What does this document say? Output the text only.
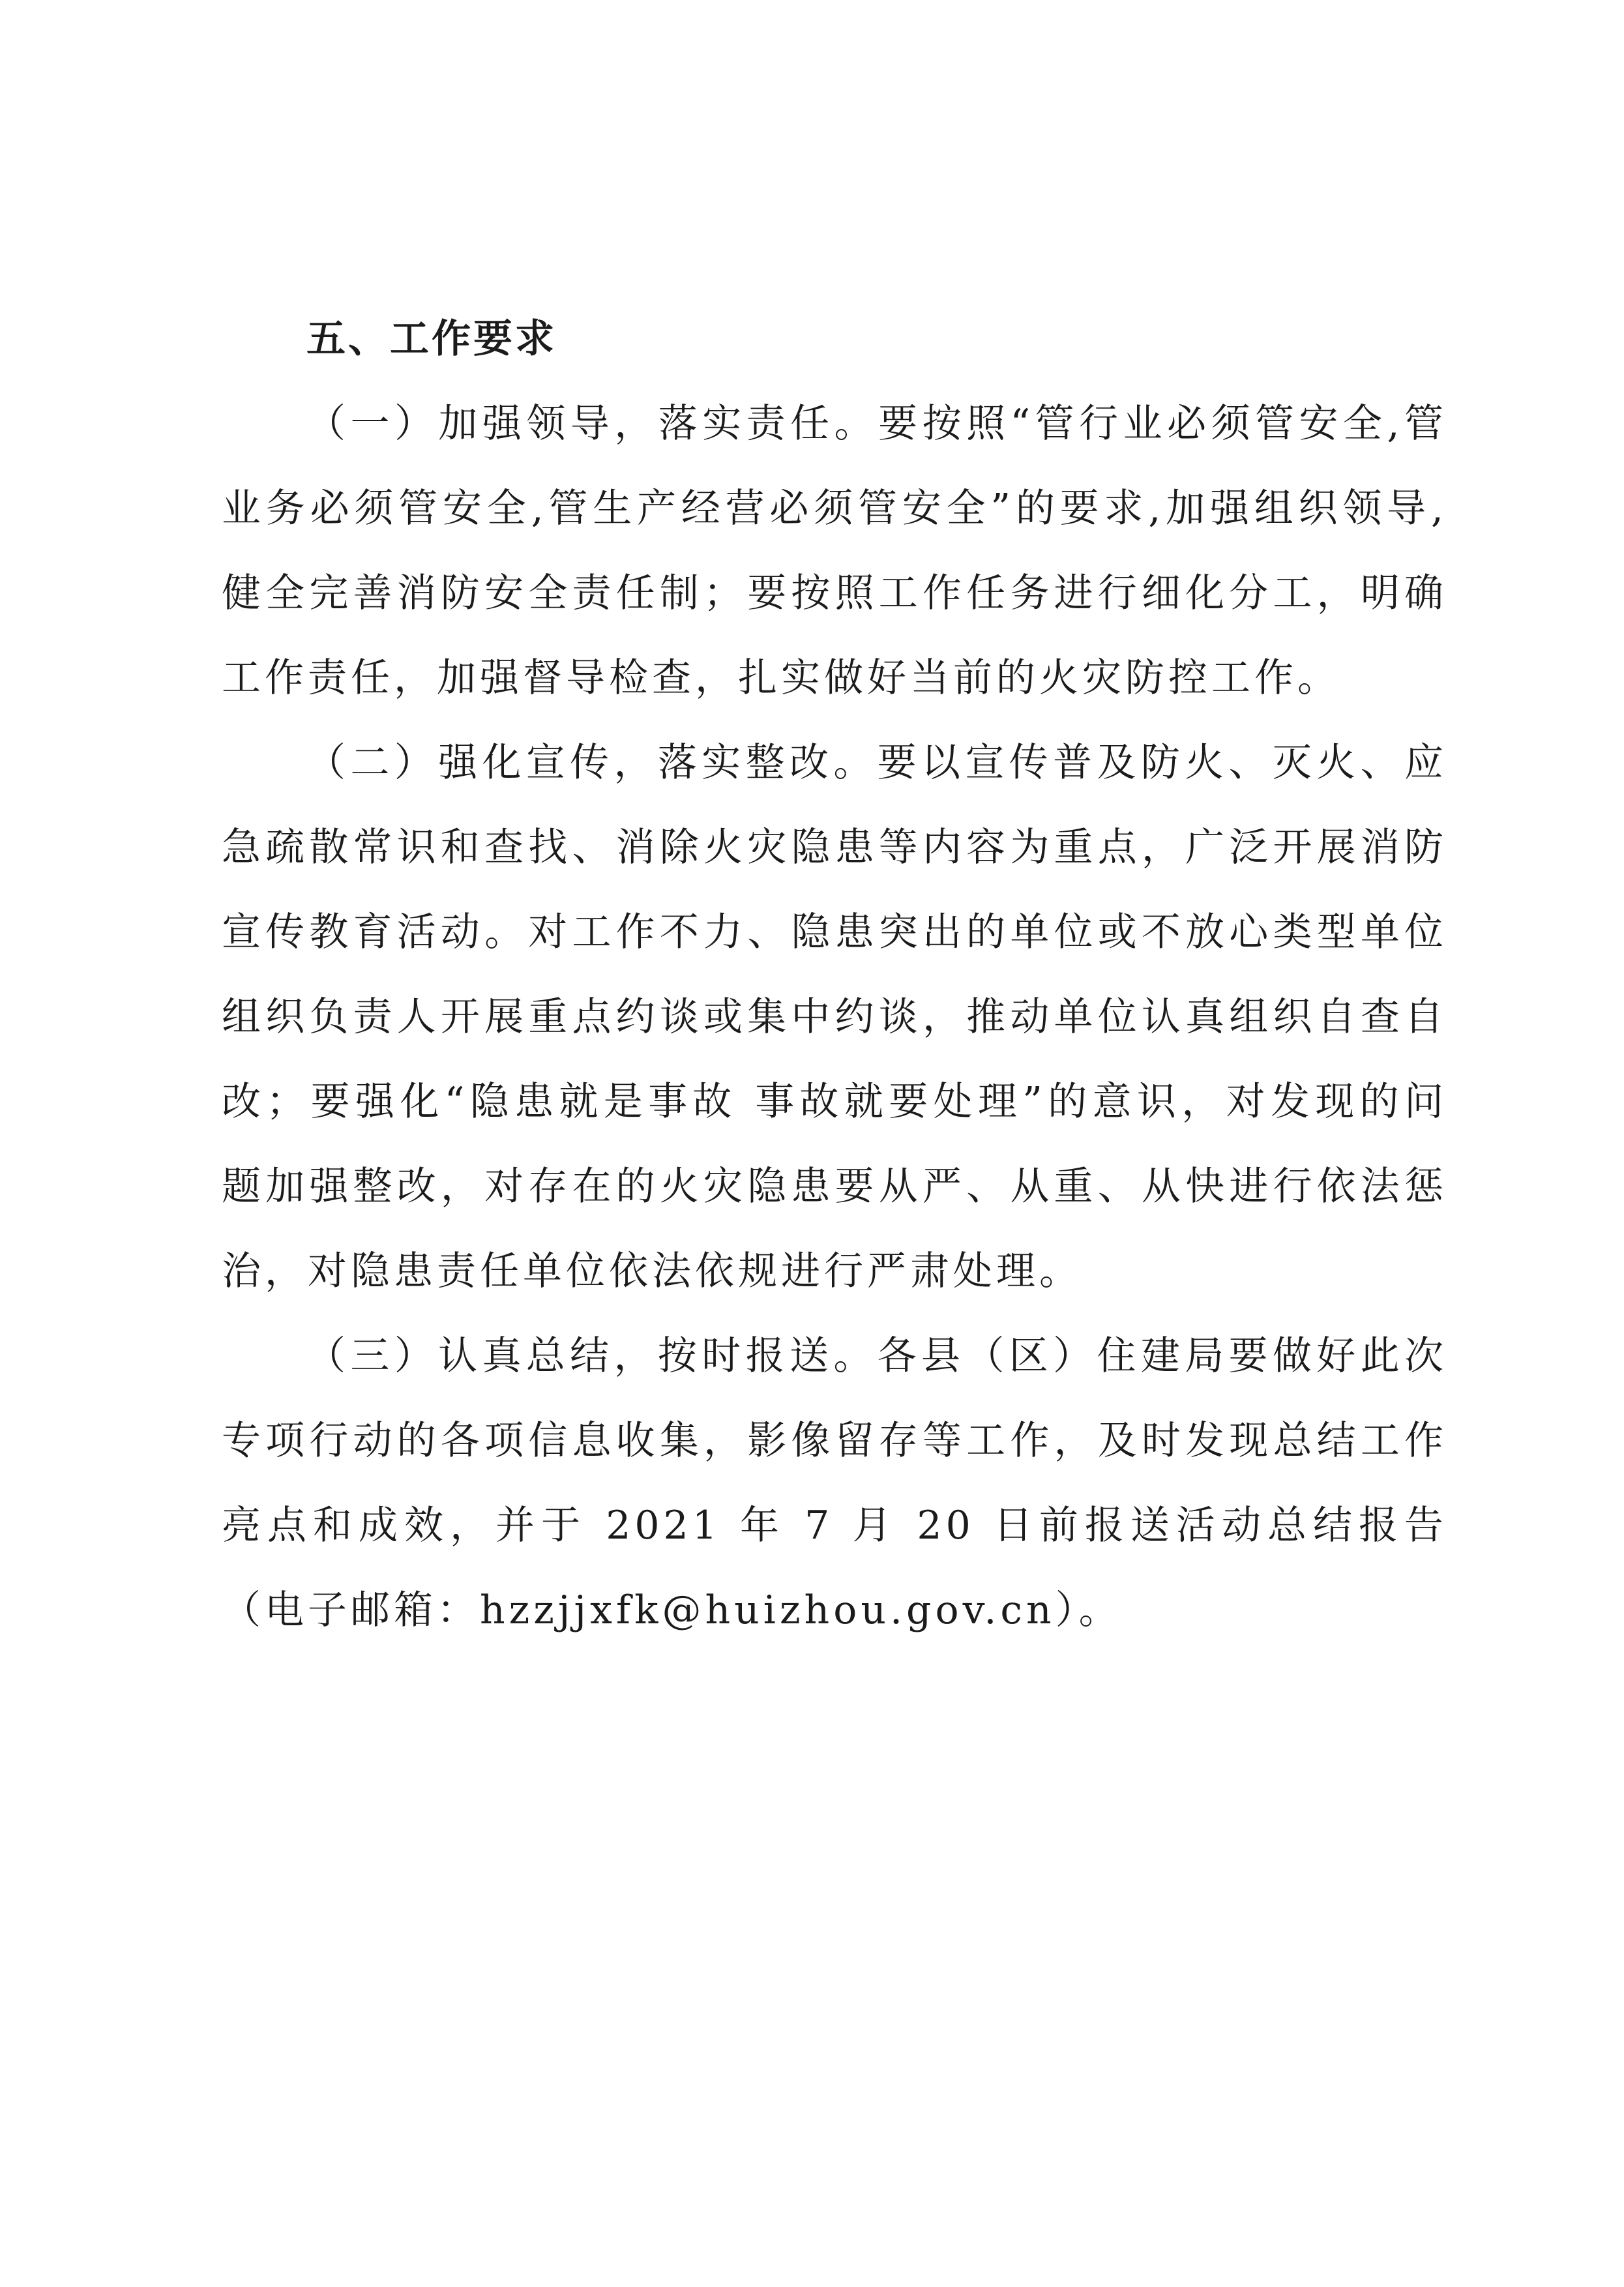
五、工作要求

（一）加强领导，落实责任。要按照“管行业必须管安全,管业务必须管安全,管生产经营必须管安全”的要求,加强组织领导,健全完善消防安全责任制；要按照工作任务进行细化分工，明确工作责任，加强督导检查，扎实做好当前的火灾防控工作。

（二）强化宣传，落实整改。要以宣传普及防火、灭火、应急疏散常识和查找、消除火灾隐患等内容为重点，广泛开展消防宣传教育活动。对工作不力、隐患突出的单位或不放心类型单位组织负责人开展重点约谈或集中约谈，推动单位认真组织自查自改；要强化“隐患就是事故 事故就要处理”的意识，对发现的问题加强整改，对存在的火灾隐患要从严、从重、从快进行依法惩治，对隐患责任单位依法依规进行严肃处理。

（三）认真总结，按时报送。各县（区）住建局要做好此次专项行动的各项信息收集，影像留存等工作，及时发现总结工作亮点和成效，并于 2021 年 7 月 20 日前报送活动总结报告（电子邮箱：hzzjjxfk@huizhou.gov.cn）。
